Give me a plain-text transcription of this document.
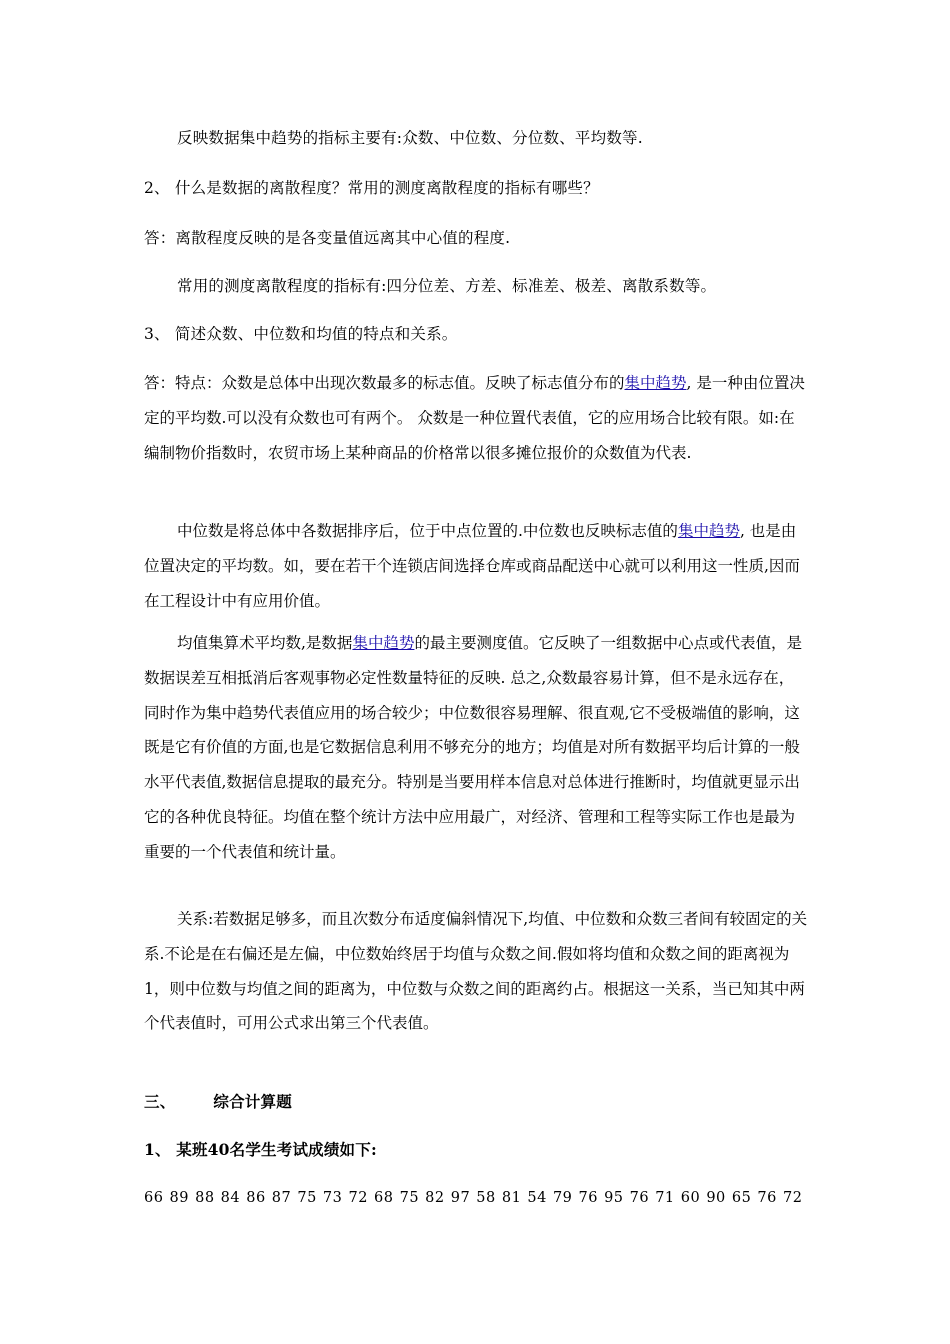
反映数据集中趋势的指标主要有:众数、中位数、分位数、平均数等.
2、 什么是数据的离散程度？常用的测度离散程度的指标有哪些？
答：离散程度反映的是各变量值远离其中心值的程度.
常用的测度离散程度的指标有:四分位差、方差、标准差、极差、离散系数等。
3、 简述众数、中位数和均值的特点和关系。
答：特点：众数是总体中出现次数最多的标志值。反映了标志值分布的集中趋势, 是一种由位置决定的平均数.可以没有众数也可有两个。 众数是一种位置代表值，它的应用场合比较有限。如:在编制物价指数时，农贸市场上某种商品的价格常以很多摊位报价的众数值为代表.
中位数是将总体中各数据排序后，位于中点位置的.中位数也反映标志值的集中趋势, 也是由位置决定的平均数。如，要在若干个连锁店间选择仓库或商品配送中心就可以利用这一性质,因而在工程设计中有应用价值。
均值集算术平均数,是数据集中趋势的最主要测度值。它反映了一组数据中心点或代表值，是数据误差互相抵消后客观事物必定性数量特征的反映. 总之,众数最容易计算，但不是永远存在，同时作为集中趋势代表值应用的场合较少；中位数很容易理解、很直观,它不受极端值的影响，这既是它有价值的方面,也是它数据信息利用不够充分的地方；均值是对所有数据平均后计算的一般水平代表值,数据信息提取的最充分。特别是当要用样本信息对总体进行推断时，均值就更显示出它的各种优良特征。均值在整个统计方法中应用最广，对经济、管理和工程等实际工作也是最为重要的一个代表值和统计量。
关系:若数据足够多，而且次数分布适度偏斜情况下,均值、中位数和众数三者间有较固定的关系.不论是在右偏还是左偏，中位数始终居于均值与众数之间.假如将均值和众数之间的距离视为1，则中位数与均值之间的距离为，中位数与众数之间的距离约占。根据这一关系，当已知其中两个代表值时，可用公式求出第三个代表值。
三、 综合计算题
1、 某班40名学生考试成绩如下:
66 89 88 84 86 87 75 73 72 68 75 82 97 58 81 54 79 76 95 76 71 60 90 65 76 72
